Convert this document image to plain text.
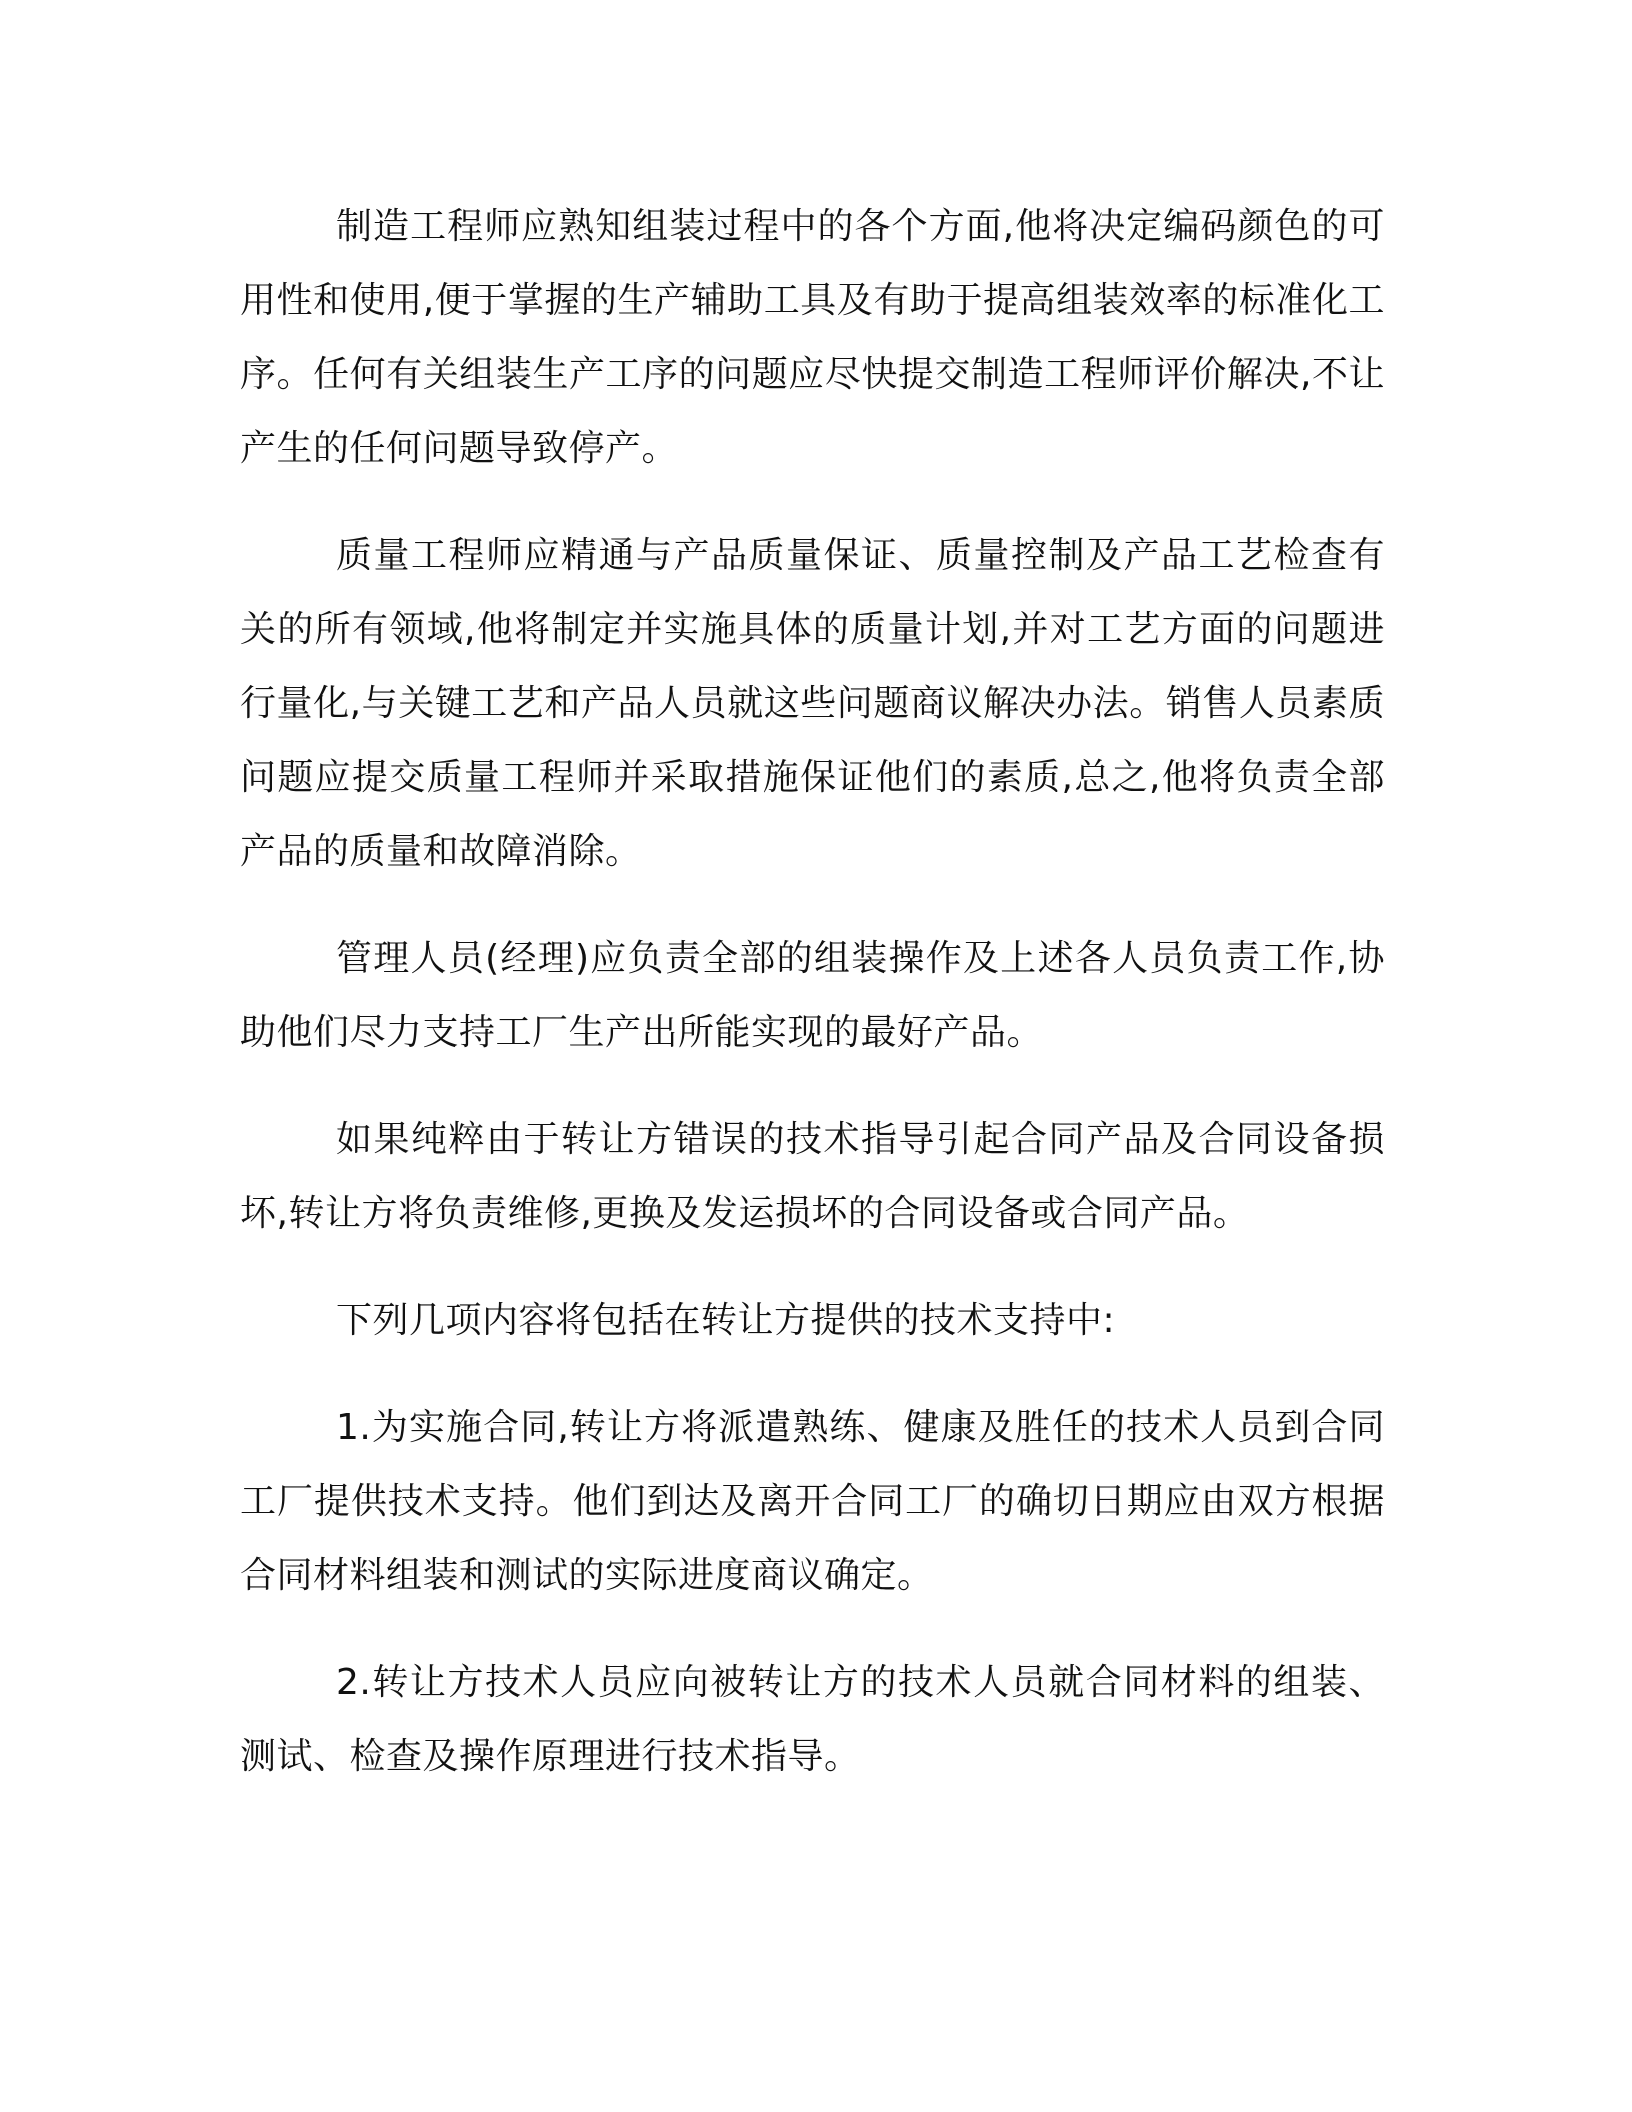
制造工程师应熟知组装过程中的各个方面,他将决定编码颜色的可用性和使用,便于掌握的生产辅助工具及有助于提高组装效率的标准化工序。任何有关组装生产工序的问题应尽快提交制造工程师评价解决,不让产生的任何问题导致停产。

质量工程师应精通与产品质量保证、质量控制及产品工艺检查有关的所有领域,他将制定并实施具体的质量计划,并对工艺方面的问题进行量化,与关键工艺和产品人员就这些问题商议解决办法。销售人员素质问题应提交质量工程师并采取措施保证他们的素质,总之,他将负责全部产品的质量和故障消除。

管理人员(经理)应负责全部的组装操作及上述各人员负责工作,协助他们尽力支持工厂生产出所能实现的最好产品。

如果纯粹由于转让方错误的技术指导引起合同产品及合同设备损坏,转让方将负责维修,更换及发运损坏的合同设备或合同产品。

下列几项内容将包括在转让方提供的技术支持中:

1.为实施合同,转让方将派遣熟练、健康及胜任的技术人员到合同工厂提供技术支持。他们到达及离开合同工厂的确切日期应由双方根据合同材料组装和测试的实际进度商议确定。

2.转让方技术人员应向被转让方的技术人员就合同材料的组装、测试、检查及操作原理进行技术指导。
